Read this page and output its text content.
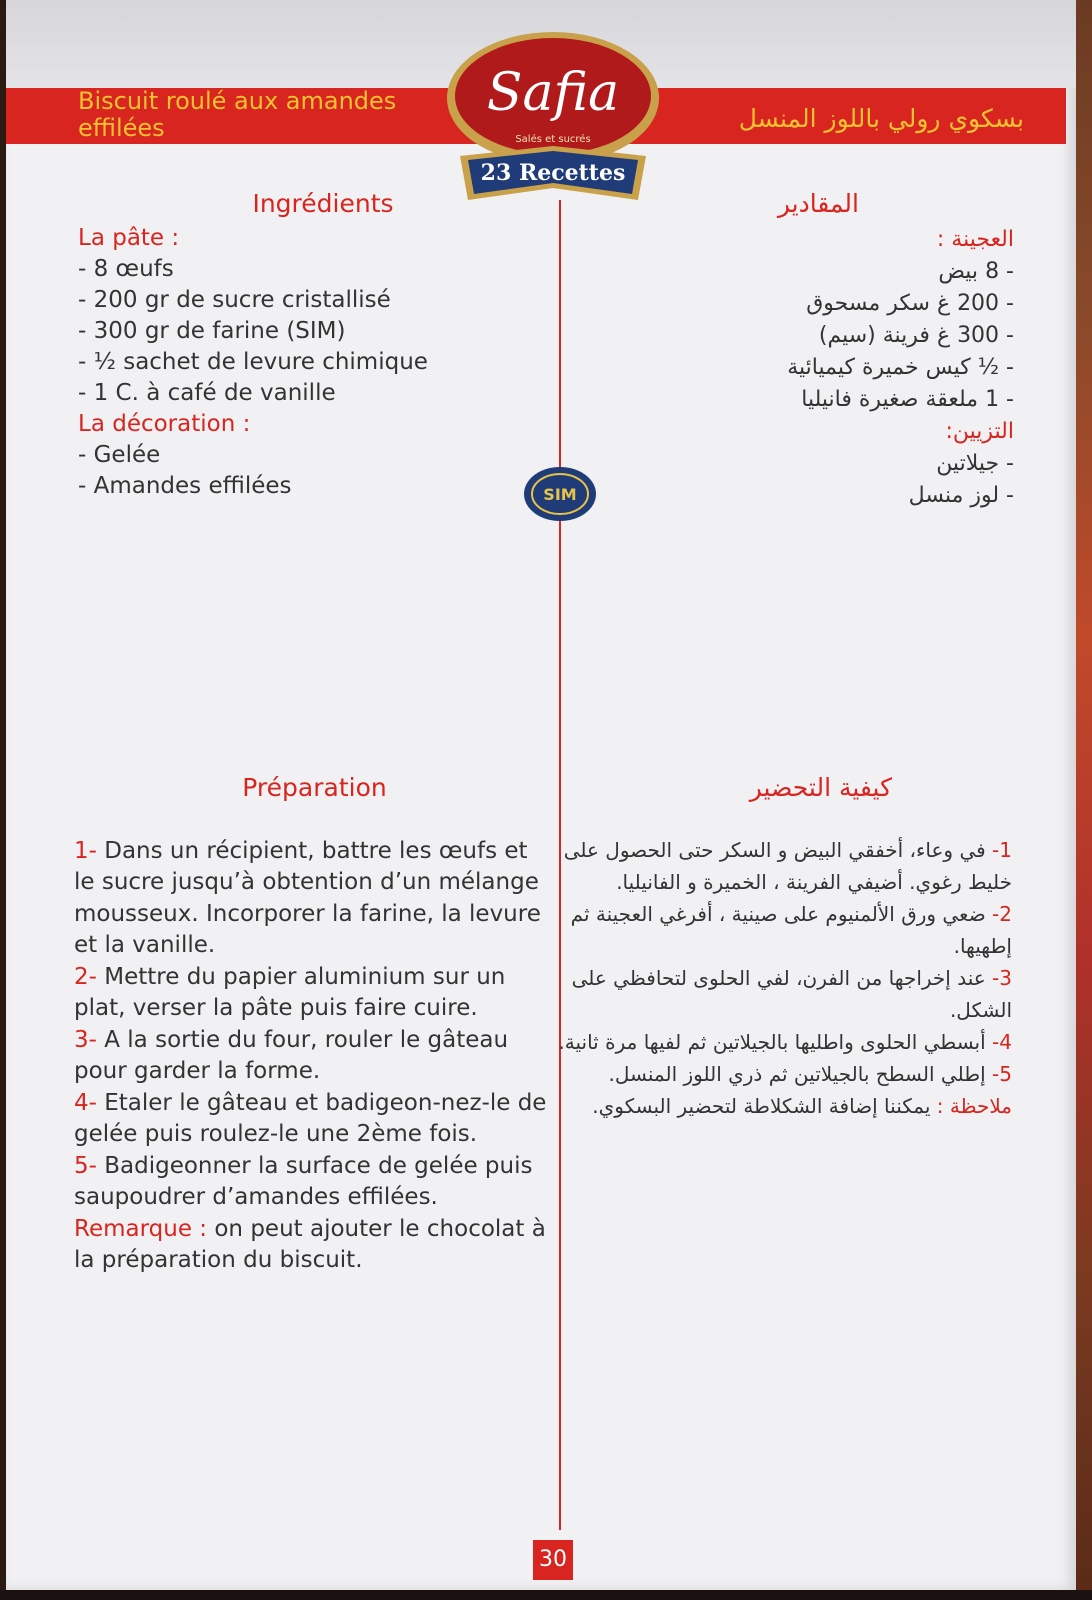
Biscuit roulé aux amandes effilées	بسكوي رولي باللوز المنسل
Safia
Salés et sucrés
23 Recettes
SIM
Ingrédients
La pâte :
- 8 œufs
- 200 gr de sucre cristallisé
- 300 gr de farine (SIM)
- ½ sachet de levure chimique
- 1 C. à café de vanille
La décoration :
- Gelée
- Amandes effilées
المقادير
العجينة :
- 8 بيض
- 200 غ سكر مسحوق
- 300 غ فرينة (سيم)
- ½ كيس خميرة كيميائية
- 1 ملعقة صغيرة فانيليا
التزيين:
- جيلاتين
- لوز منسل
Préparation
1- Dans un récipient, battre les œufs et le sucre jusqu’à obtention d’un mélange mousseux. Incorporer la farine, la levure et la vanille.
2- Mettre du papier aluminium sur un plat, verser la pâte puis faire cuire.
3- A la sortie du four, rouler le gâteau pour garder la forme.
4- Etaler le gâteau et badigeon-nez-le de gelée puis roulez-le une 2ème fois.
5- Badigeonner la surface de gelée puis saupoudrer d’amandes effilées.
Remarque : on peut ajouter le chocolat à la préparation du biscuit.
كيفية التحضير
1- في وعاء، أخفقي البيض و السكر حتى الحصول على خليط رغوي. أضيفي الفرينة ، الخميرة و الفانيليا.
2- ضعي ورق الألمنيوم على صينية ، أفرغي العجينة ثم إطهيها.
3- عند إخراجها من الفرن، لفي الحلوى لتحافظي على الشكل.
4- أبسطي الحلوى واطليها بالجيلاتين ثم لفيها مرة ثانية.
5- إطلي السطح بالجيلاتين ثم ذري اللوز المنسل.
ملاحظة : يمكننا إضافة الشكلاطة لتحضير البسكوي.
30
